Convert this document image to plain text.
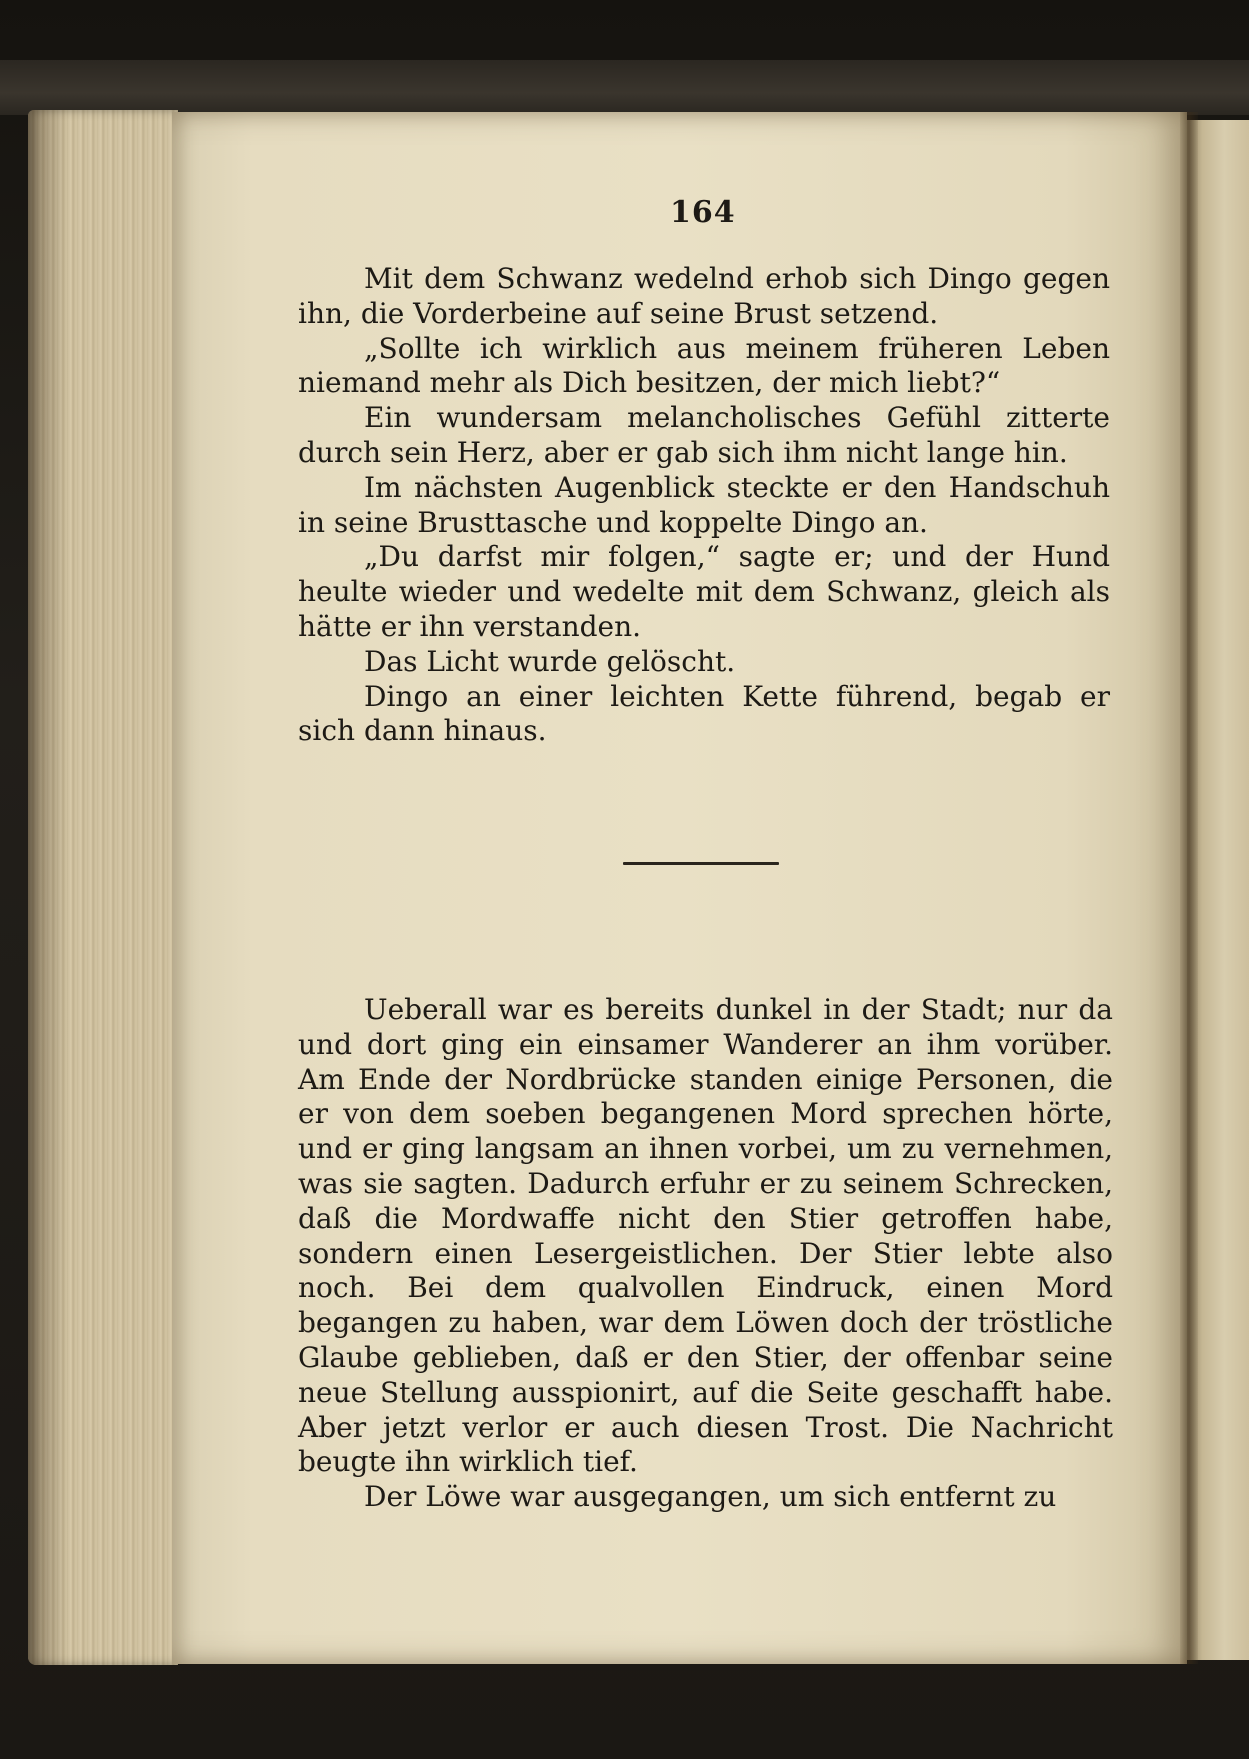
164

Mit dem Schwanz wedelnd erhob sich Dingo gegen ihn, die Vorderbeine auf seine Brust setzend.

„Sollte ich wirklich aus meinem früheren Leben niemand mehr als Dich besitzen, der mich liebt?“

Ein wundersam melancholisches Gefühl zitterte durch sein Herz, aber er gab sich ihm nicht lange hin.

Im nächsten Augenblick steckte er den Handschuh in seine Brusttasche und koppelte Dingo an.

„Du darfst mir folgen,“ sagte er; und der Hund heulte wieder und wedelte mit dem Schwanz, gleich als hätte er ihn verstanden.

Das Licht wurde gelöscht.

Dingo an einer leichten Kette führend, begab er sich dann hinaus.

Ueberall war es bereits dunkel in der Stadt; nur da und dort ging ein einsamer Wanderer an ihm vorüber. Am Ende der Nordbrücke standen einige Personen, die er von dem soeben begangenen Mord sprechen hörte, und er ging langsam an ihnen vorbei, um zu vernehmen, was sie sagten. Dadurch erfuhr er zu seinem Schrecken, daß die Mordwaffe nicht den Stier getroffen habe, sondern einen Lesergeistlichen. Der Stier lebte also noch. Bei dem qualvollen Eindruck, einen Mord begangen zu haben, war dem Löwen doch der tröstliche Glaube geblieben, daß er den Stier, der offenbar seine neue Stellung ausspionirt, auf die Seite geschafft habe. Aber jetzt verlor er auch diesen Trost. Die Nachricht beugte ihn wirklich tief.

Der Löwe war ausgegangen, um sich entfernt zu
